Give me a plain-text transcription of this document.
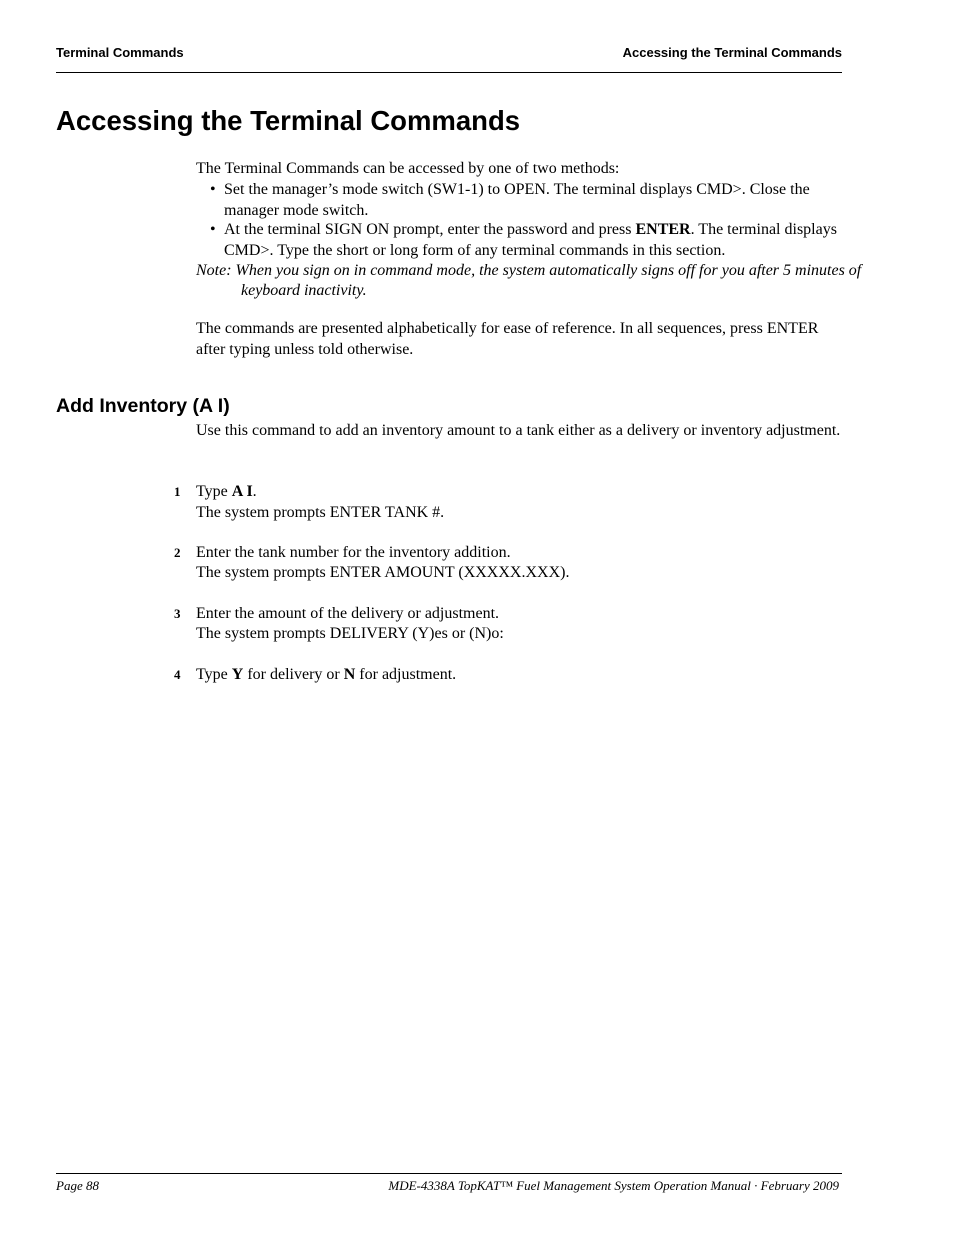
Terminal Commands	Accessing the Terminal Commands
Accessing the Terminal Commands
The Terminal Commands can be accessed by one of two methods:
• Set the manager’s mode switch (SW1-1) to OPEN. The terminal displays CMD>. Close the manager mode switch.
• At the terminal SIGN ON prompt, enter the password and press ENTER. The terminal displays CMD>. Type the short or long form of any terminal commands in this section.
Note: When you sign on in command mode, the system automatically signs off for you after 5 minutes of keyboard inactivity.
The commands are presented alphabetically for ease of reference. In all sequences, press ENTER after typing unless told otherwise.
Add Inventory (A I)
Use this command to add an inventory amount to a tank either as a delivery or inventory adjustment.
1 Type A I.
The system prompts ENTER TANK #.
2 Enter the tank number for the inventory addition.
The system prompts ENTER AMOUNT (XXXXX.XXX).
3 Enter the amount of the delivery or adjustment.
The system prompts DELIVERY (Y)es or (N)o:
4 Type Y for delivery or N for adjustment.
Page 88	MDE-4338A TopKAT™ Fuel Management System Operation Manual · February 2009
